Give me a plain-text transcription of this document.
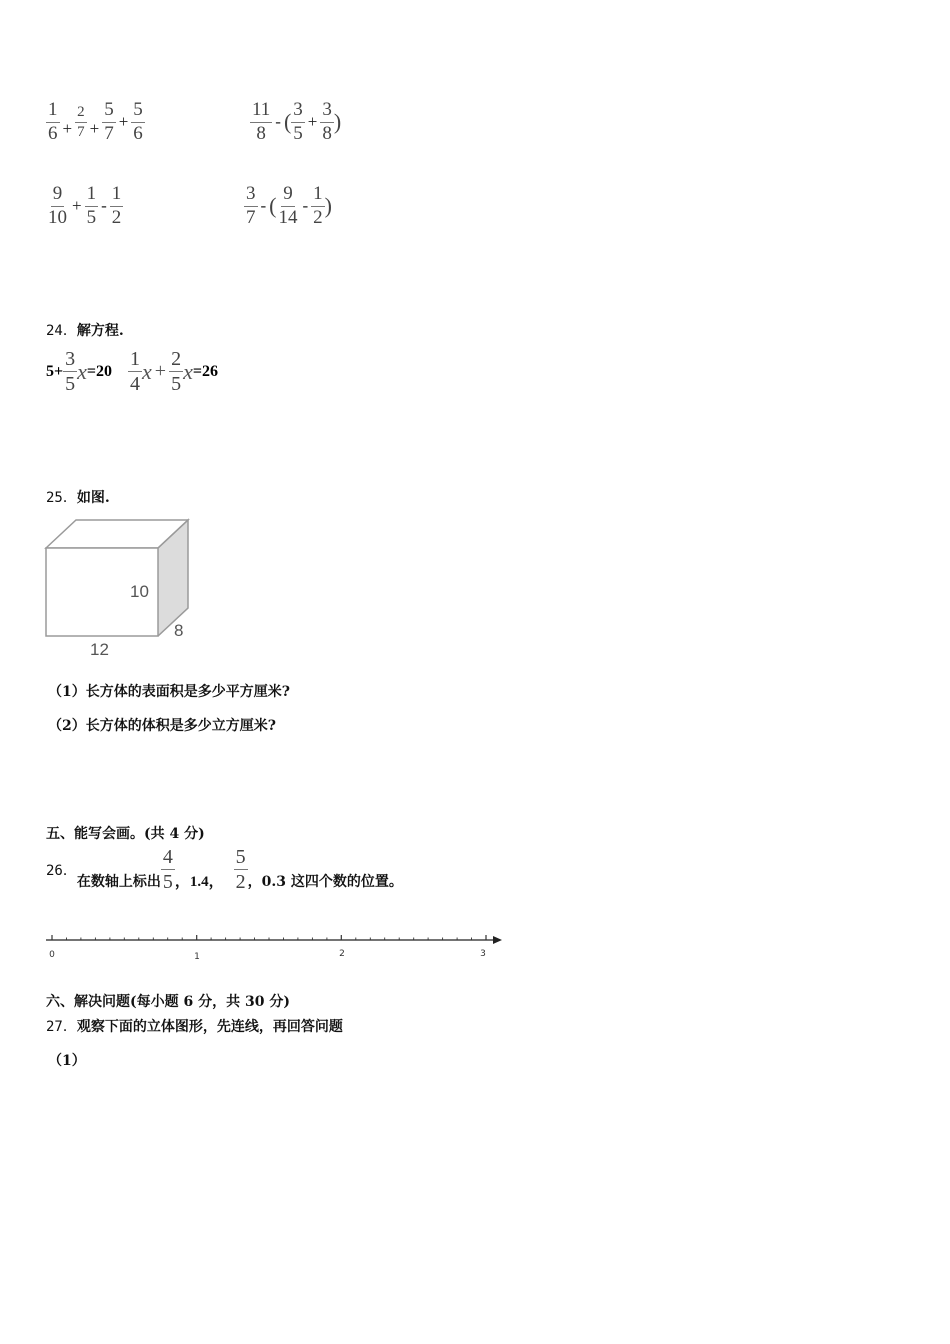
$\frac{1}{6} + \frac{2}{7} + \frac{5}{7} + \frac{5}{6}$	$\frac{11}{8}$ - ( $\frac{3}{5} + \frac{3}{8}$ )
$\frac{9}{10} + \frac{1}{5} - \frac{1}{2}$	$\frac{3}{7}$ - ( $\frac{9}{14} - \frac{1}{2}$ )
24．解方程.
$5+ \frac{3}{5}$ $x =20 \frac{1}{4}$ $x + \frac{2}{5}$ x =26
25．如图.
10
12
8
（1）长方体的表面积是多少平方厘米?
（2）长方体的体积是多少立方厘米?
五、能写会画。(共 4 分)
26．
在数轴上标出 $\frac{4}{5}$ ，1.4， $\frac{5}{2}$ ，0.3 这四个数的位置。
0	1	2	3
六、解决问题(每小题 6 分，共 30 分)
27．观察下面的立体图形，先连线，再回答问题
（1）
